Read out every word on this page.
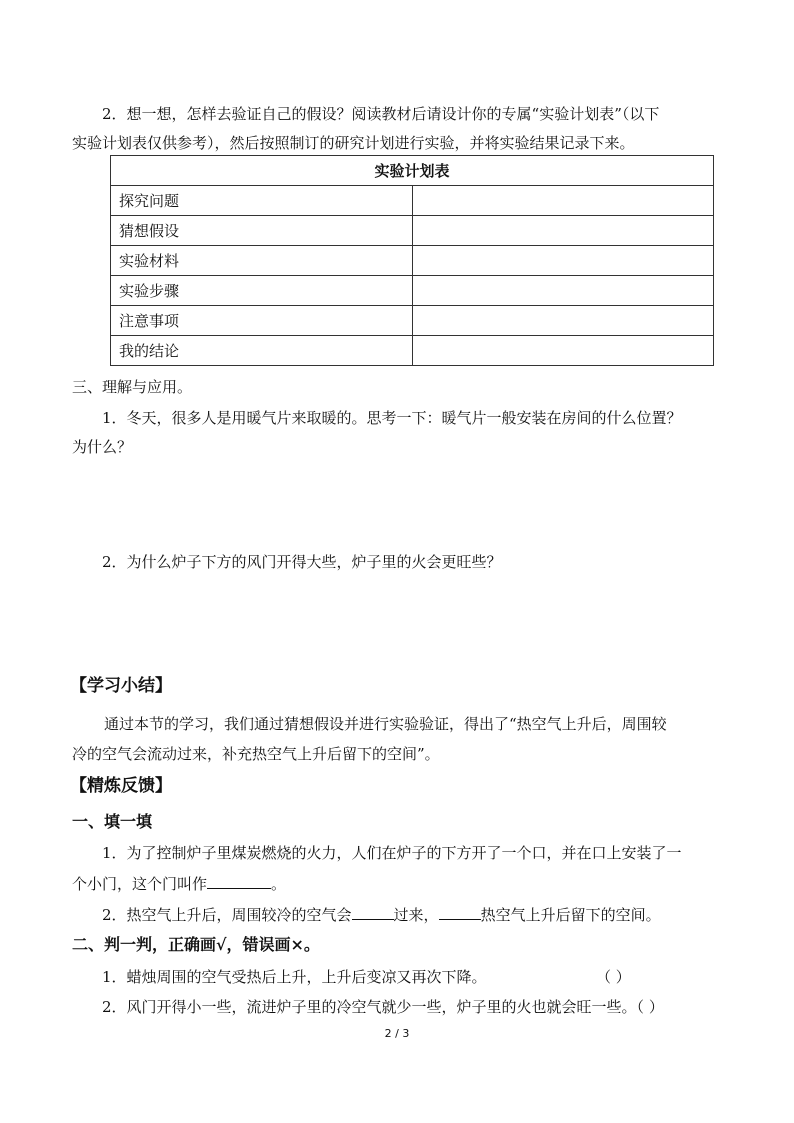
2．想一想，怎样去验证自己的假设？阅读教材后请设计你的专属“实验计划表”（以下
实验计划表仅供参考），然后按照制订的研究计划进行实验，并将实验结果记录下来。
实验计划表	
探究问题	
猜想假设	
实验材料	
实验步骤	
注意事项	
我的结论	
三、理解与应用。
1．冬天，很多人是用暖气片来取暖的。思考一下：暖气片一般安装在房间的什么位置？
为什么？
2．为什么炉子下方的风门开得大些，炉子里的火会更旺些？
【学习小结】
通过本节的学习，我们通过猜想假设并进行实验验证，得出了“热空气上升后，周围较
冷的空气会流动过来，补充热空气上升后留下的空间”。
【精炼反馈】
一、填一填
1．为了控制炉子里煤炭燃烧的火力，人们在炉子的下方开了一个口，并在口上安装了一
个小门，这个门叫作	。
2．热空气上升后，周围较冷的空气会	过来，	热空气上升后留下的空间。
二、判一判，正确画√，错误画×。
1．蜡烛周围的空气受热后上升，上升后变凉又再次下降。	（ ）
2．风门开得小一些，流进炉子里的冷空气就少一些，炉子里的火也就会旺一些。（ ）
2 / 3
